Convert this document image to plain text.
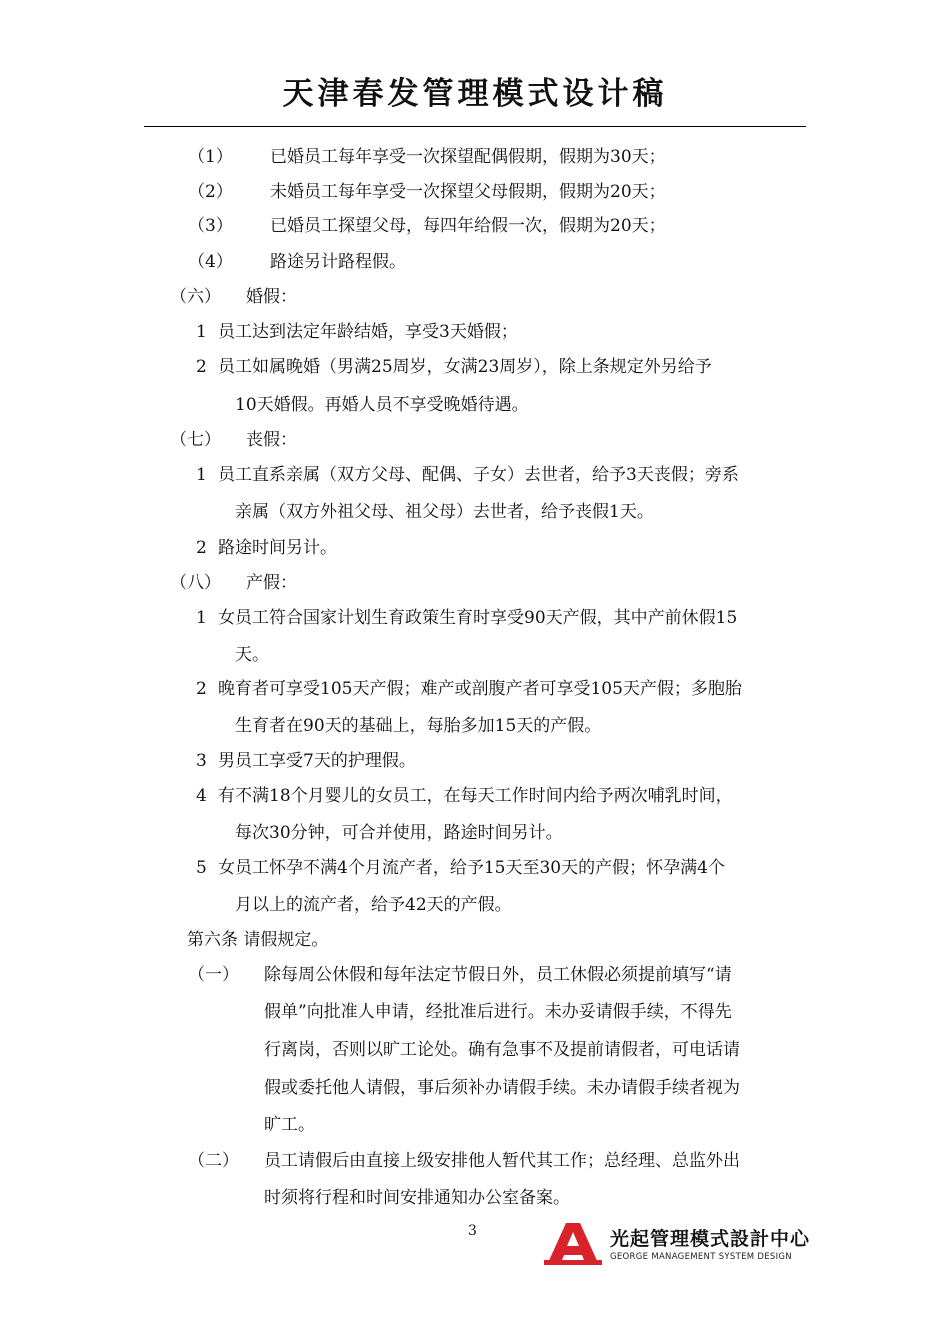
天津春发管理模式设计稿
（1） 已婚员工每年享受一次探望配偶假期，假期为30天；
（2） 未婚员工每年享受一次探望父母假期，假期为20天；
（3） 已婚员工探望父母，每四年给假一次，假期为20天；
（4） 路途另计路程假。
（六） 婚假：
1 员工达到法定年龄结婚，享受3天婚假；
2 员工如属晚婚（男满25周岁，女满23周岁），除上条规定外另给予
10天婚假。再婚人员不享受晚婚待遇。
（七） 丧假：
1 员工直系亲属（双方父母、配偶、子女）去世者，给予3天丧假；旁系
亲属（双方外祖父母、祖父母）去世者，给予丧假1天。
2 路途时间另计。
（八） 产假：
1 女员工符合国家计划生育政策生育时享受90天产假，其中产前休假15
天。
2 晚育者可享受105天产假；难产或剖腹产者可享受105天产假；多胞胎
生育者在90天的基础上，每胎多加15天的产假。
3 男员工享受7天的护理假。
4 有不满18个月婴儿的女员工，在每天工作时间内给予两次哺乳时间，
每次30分钟，可合并使用，路途时间另计。
5 女员工怀孕不满4个月流产者，给予15天至30天的产假；怀孕满4个
月以上的流产者，给予42天的产假。
第六条 请假规定。
（一） 除每周公休假和每年法定节假日外，员工休假必须提前填写“请
假单”向批准人申请，经批准后进行。未办妥请假手续，不得先
行离岗，否则以旷工论处。确有急事不及提前请假者，可电话请
假或委托他人请假，事后须补办请假手续。未办请假手续者视为
旷工。
（二） 员工请假后由直接上级安排他人暂代其工作；总经理、总监外出
时须将行程和时间安排通知办公室备案。
3	光起管理模式設計中心
GEORGE MANAGEMENT SYSTEM DESIGN
